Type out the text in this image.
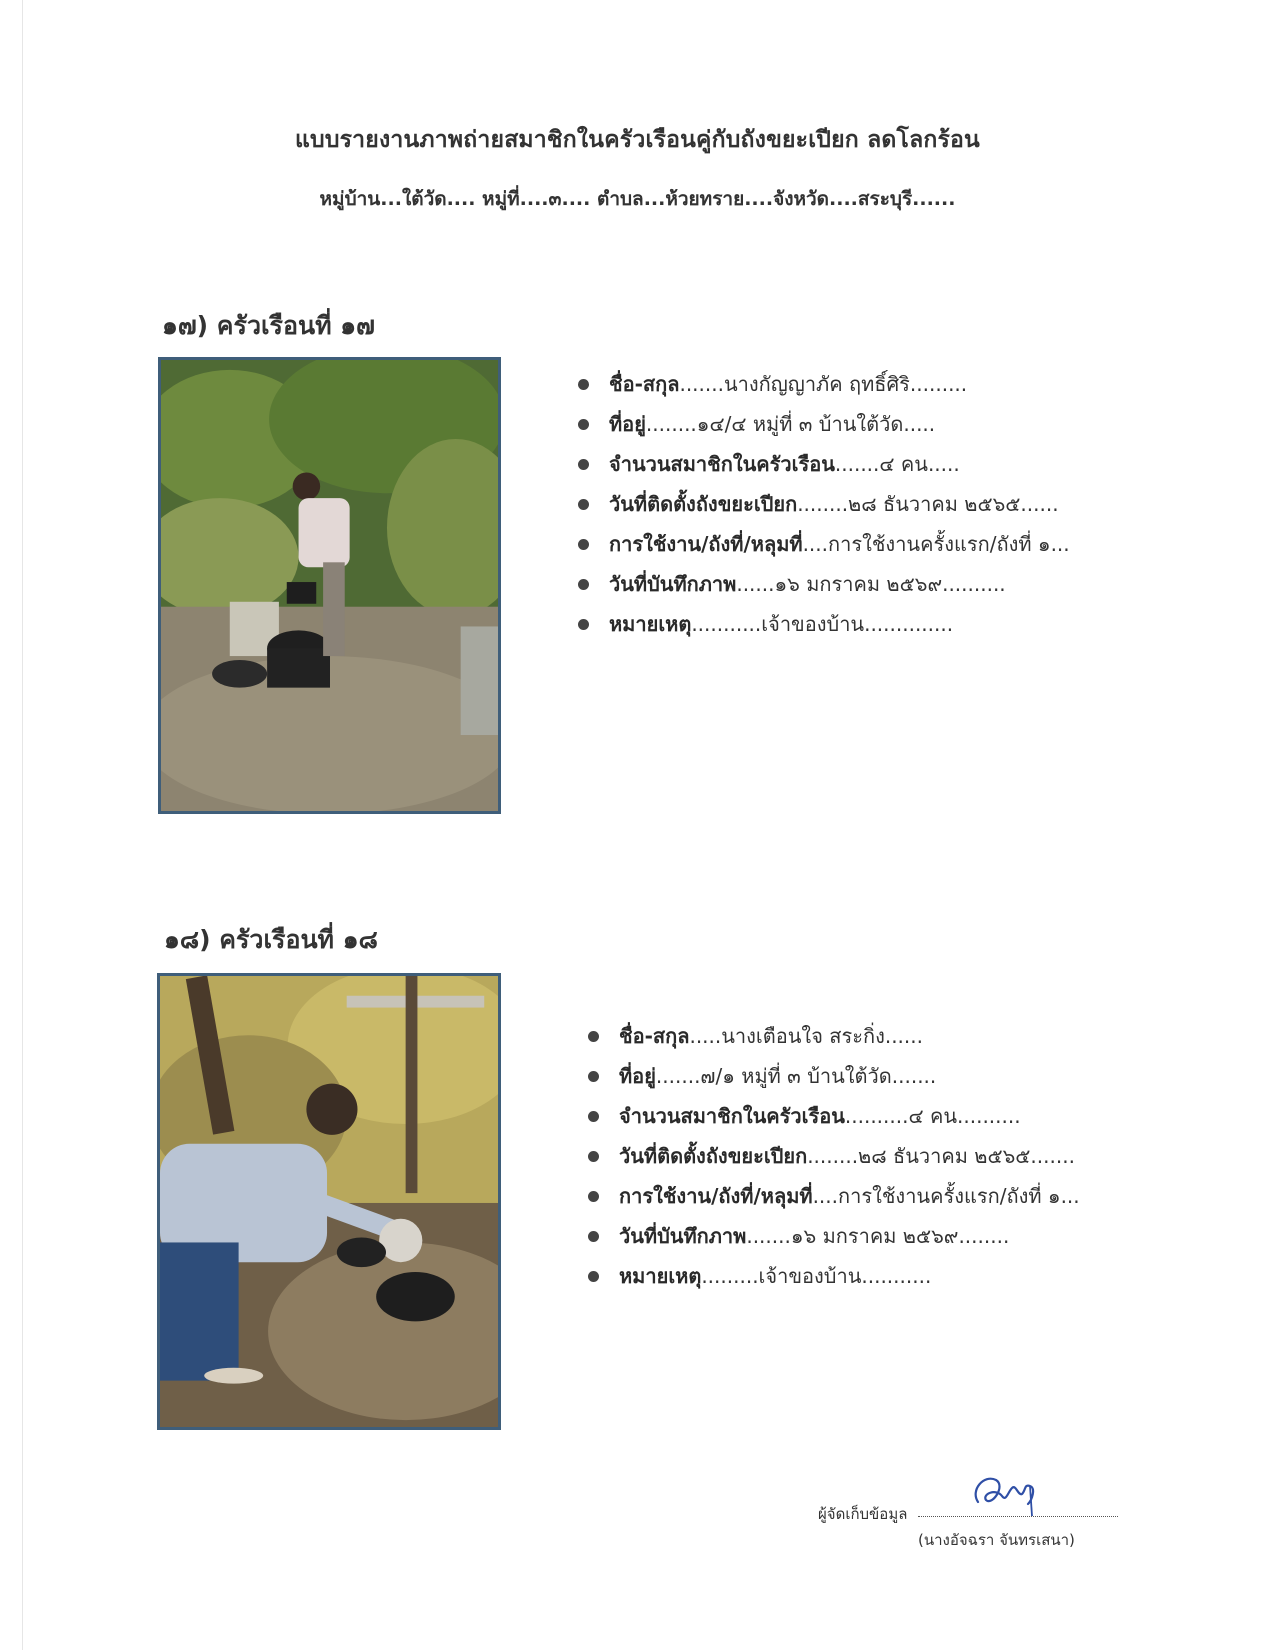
แบบรายงานภาพถ่ายสมาชิกในครัวเรือนคู่กับถังขยะเปียก ลดโลกร้อน
หมู่บ้าน...ใต้วัด.... หมู่ที่....๓.... ตำบล...ห้วยทราย....จังหวัด....สระบุรี......
๑๗) ครัวเรือนที่ ๑๗
ชื่อ-สกุล.......นางกัญญาภัค ฤทธิ์ศิริ.........
ที่อยู่........๑๔/๔ หมู่ที่ ๓ บ้านใต้วัด.....
จำนวนสมาชิกในครัวเรือน.......๔ คน.....
วันที่ติดตั้งถังขยะเปียก........๒๘ ธันวาคม ๒๕๖๕......
การใช้งาน/ถังที่/หลุมที่....การใช้งานครั้งแรก/ถังที่ ๑...
วันที่บันทึกภาพ......๑๖ มกราคม ๒๕๖๙..........
หมายเหตุ...........เจ้าของบ้าน..............
๑๘) ครัวเรือนที่ ๑๘
ชื่อ-สกุล.....นางเตือนใจ สระกิ่ง......
ที่อยู่.......๗/๑ หมู่ที่ ๓ บ้านใต้วัด.......
จำนวนสมาชิกในครัวเรือน..........๔ คน..........
วันที่ติดตั้งถังขยะเปียก........๒๘ ธันวาคม ๒๕๖๕.......
การใช้งาน/ถังที่/หลุมที่....การใช้งานครั้งแรก/ถังที่ ๑...
วันที่บันทึกภาพ.......๑๖ มกราคม ๒๕๖๙........
หมายเหตุ.........เจ้าของบ้าน...........
ผู้จัดเก็บข้อมูล
(นางอัจฉรา จันทรเสนา)
